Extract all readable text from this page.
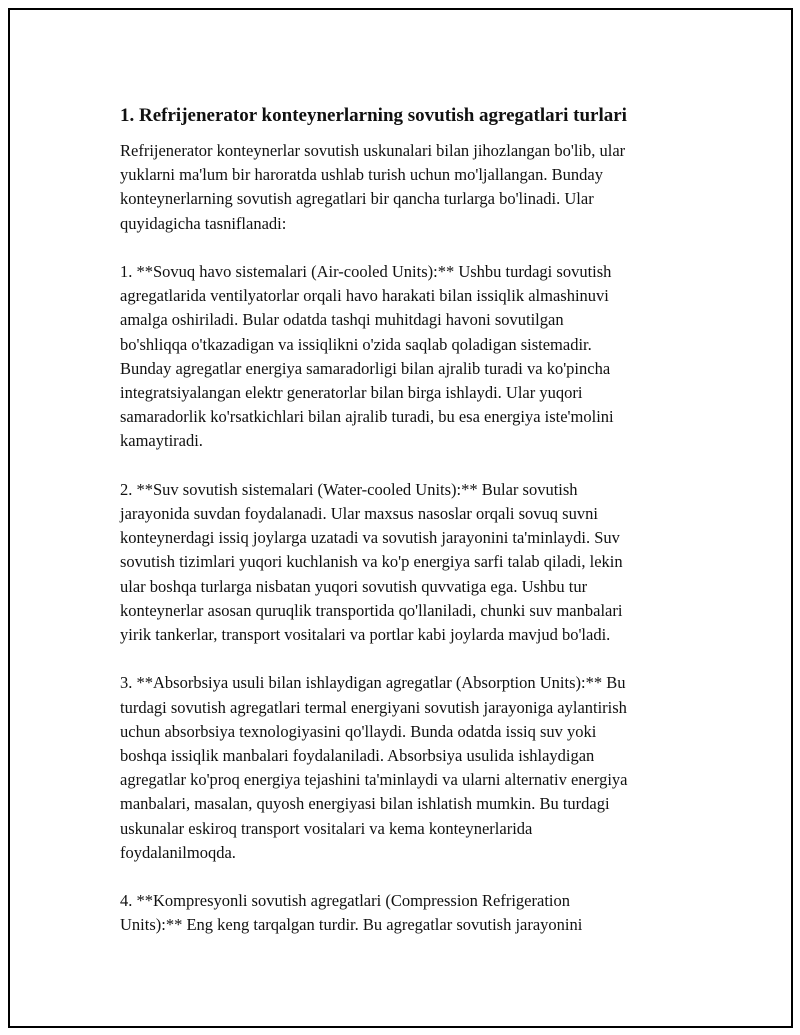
1. Refrijenerator konteynerlarning sovutish agregatlari turlari
Refrijenerator konteynerlar sovutish uskunalari bilan jihozlangan bo'lib, ular
yuklarni ma'lum bir haroratda ushlab turish uchun mo'ljallangan. Bunday
konteynerlarning sovutish agregatlari bir qancha turlarga bo'linadi. Ular
quyidagicha tasniflanadi:
1. **Sovuq havo sistemalari (Air-cooled Units):** Ushbu turdagi sovutish
agregatlarida ventilyatorlar orqali havo harakati bilan issiqlik almashinuvi
amalga oshiriladi. Bular odatda tashqi muhitdagi havoni sovutilgan
bo'shliqqa o'tkazadigan va issiqlikni o'zida saqlab qoladigan sistemadir.
Bunday agregatlar energiya samaradorligi bilan ajralib turadi va ko'pincha
integratsiyalangan elektr generatorlar bilan birga ishlaydi. Ular yuqori
samaradorlik ko'rsatkichlari bilan ajralib turadi, bu esa energiya iste'molini
kamaytiradi.
2. **Suv sovutish sistemalari (Water-cooled Units):** Bular sovutish
jarayonida suvdan foydalanadi. Ular maxsus nasoslar orqali sovuq suvni
konteynerdagi issiq joylarga uzatadi va sovutish jarayonini ta'minlaydi. Suv
sovutish tizimlari yuqori kuchlanish va ko'p energiya sarfi talab qiladi, lekin
ular boshqa turlarga nisbatan yuqori sovutish quvvatiga ega. Ushbu tur
konteynerlar asosan quruqlik transportida qo'llaniladi, chunki suv manbalari
yirik tankerlar, transport vositalari va portlar kabi joylarda mavjud bo'ladi.
3. **Absorbsiya usuli bilan ishlaydigan agregatlar (Absorption Units):** Bu
turdagi sovutish agregatlari termal energiyani sovutish jarayoniga aylantirish
uchun absorbsiya texnologiyasini qo'llaydi. Bunda odatda issiq suv yoki
boshqa issiqlik manbalari foydalaniladi. Absorbsiya usulida ishlaydigan
agregatlar ko'proq energiya tejashini ta'minlaydi va ularni alternativ energiya
manbalari, masalan, quyosh energiyasi bilan ishlatish mumkin. Bu turdagi
uskunalar eskiroq transport vositalari va kema konteynerlarida
foydalanilmoqda.
4. **Kompresyonli sovutish agregatlari (Compression Refrigeration
Units):** Eng keng tarqalgan turdir. Bu agregatlar sovutish jarayonini
